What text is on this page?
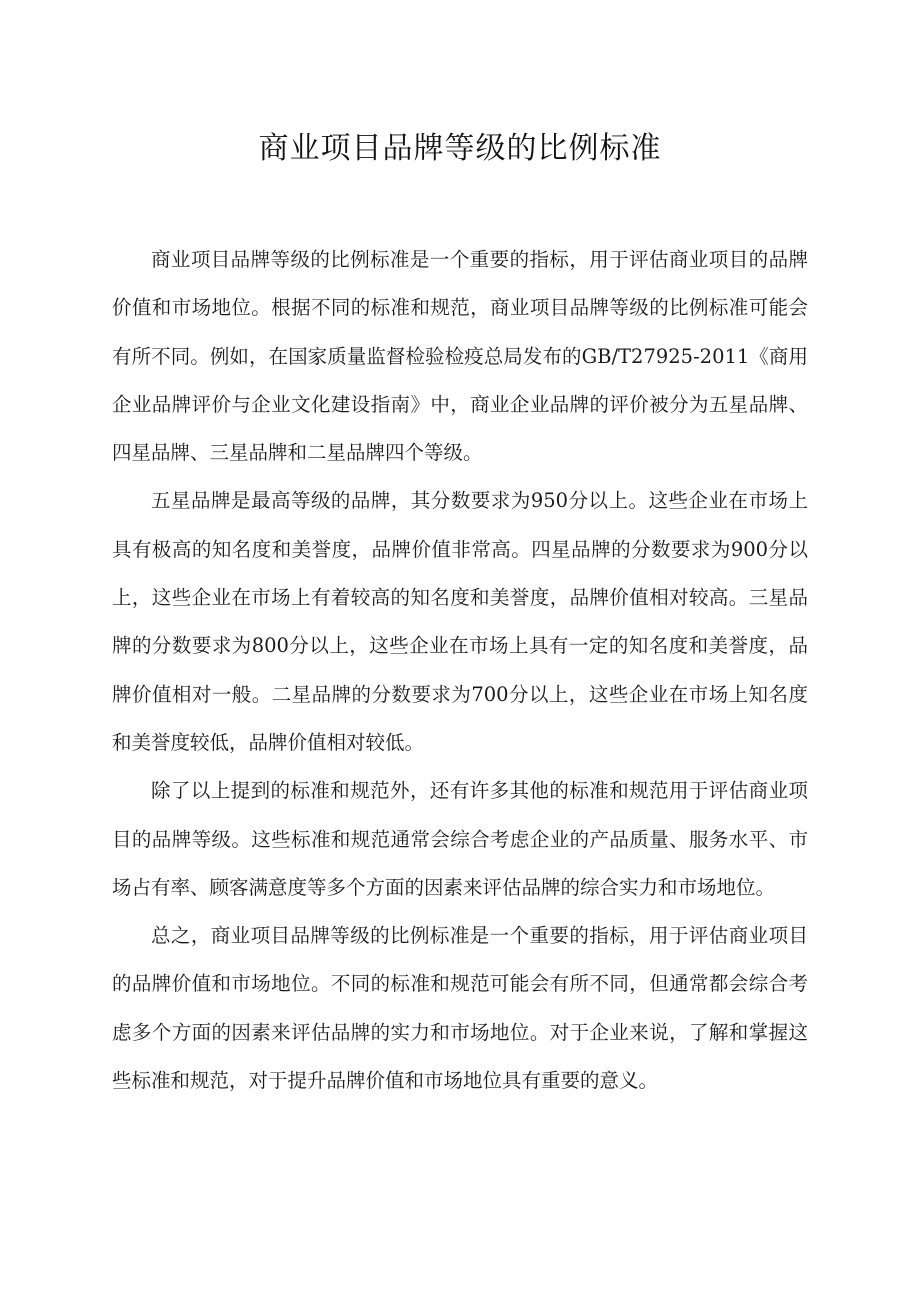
商业项目品牌等级的比例标准

商业项目品牌等级的比例标准是一个重要的指标，用于评估商业项目的品牌价值和市场地位。根据不同的标准和规范，商业项目品牌等级的比例标准可能会有所不同。例如，在国家质量监督检验检疫总局发布的GB/T27925-2011《商用企业品牌评价与企业文化建设指南》中，商业企业品牌的评价被分为五星品牌、四星品牌、三星品牌和二星品牌四个等级。

五星品牌是最高等级的品牌，其分数要求为950分以上。这些企业在市场上具有极高的知名度和美誉度，品牌价值非常高。四星品牌的分数要求为900分以上，这些企业在市场上有着较高的知名度和美誉度，品牌价值相对较高。三星品牌的分数要求为800分以上，这些企业在市场上具有一定的知名度和美誉度，品牌价值相对一般。二星品牌的分数要求为700分以上，这些企业在市场上知名度和美誉度较低，品牌价值相对较低。

除了以上提到的标准和规范外，还有许多其他的标准和规范用于评估商业项目的品牌等级。这些标准和规范通常会综合考虑企业的产品质量、服务水平、市场占有率、顾客满意度等多个方面的因素来评估品牌的综合实力和市场地位。

总之，商业项目品牌等级的比例标准是一个重要的指标，用于评估商业项目的品牌价值和市场地位。不同的标准和规范可能会有所不同，但通常都会综合考虑多个方面的因素来评估品牌的实力和市场地位。对于企业来说，了解和掌握这些标准和规范，对于提升品牌价值和市场地位具有重要的意义。
